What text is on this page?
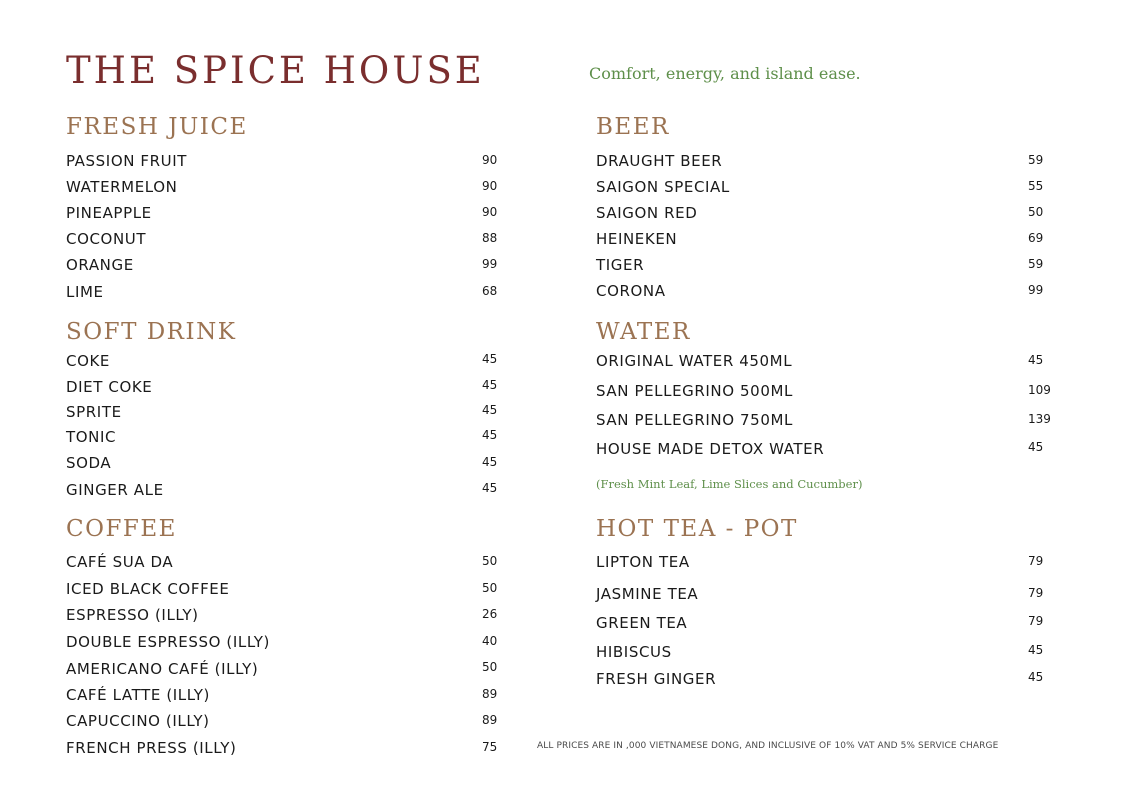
THE SPICE HOUSE	Comfort, energy, and island ease.
FRESH JUICE
PASSION FRUIT	90
WATERMELON	90
PINEAPPLE	90
COCONUT	88
ORANGE	99
LIME	68
SOFT DRINK
COKE	45
DIET COKE	45
SPRITE	45
TONIC	45
SODA	45
GINGER ALE	45
COFFEE
CAFÉ SUA DA	50
ICED BLACK COFFEE	50
ESPRESSO (ILLY)	26
DOUBLE ESPRESSO (ILLY)	40
AMERICANO CAFÉ (ILLY)	50
CAFÉ LATTE (ILLY)	89
CAPUCCINO (ILLY)	89
FRENCH PRESS (ILLY)	75
BEER
DRAUGHT BEER	59
SAIGON SPECIAL	55
SAIGON RED	50
HEINEKEN	69
TIGER	59
CORONA	99
WATER
ORIGINAL WATER 450ML	45
SAN PELLEGRINO 500ML	109
SAN PELLEGRINO 750ML	139
HOUSE MADE DETOX WATER	45
(Fresh Mint Leaf, Lime Slices and Cucumber)
HOT TEA - POT
LIPTON TEA	79
JASMINE TEA	79
GREEN TEA	79
HIBISCUS	45
FRESH GINGER	45
ALL PRICES ARE IN ,000 VIETNAMESE DONG, AND INCLUSIVE OF 10% VAT AND 5% SERVICE CHARGE
